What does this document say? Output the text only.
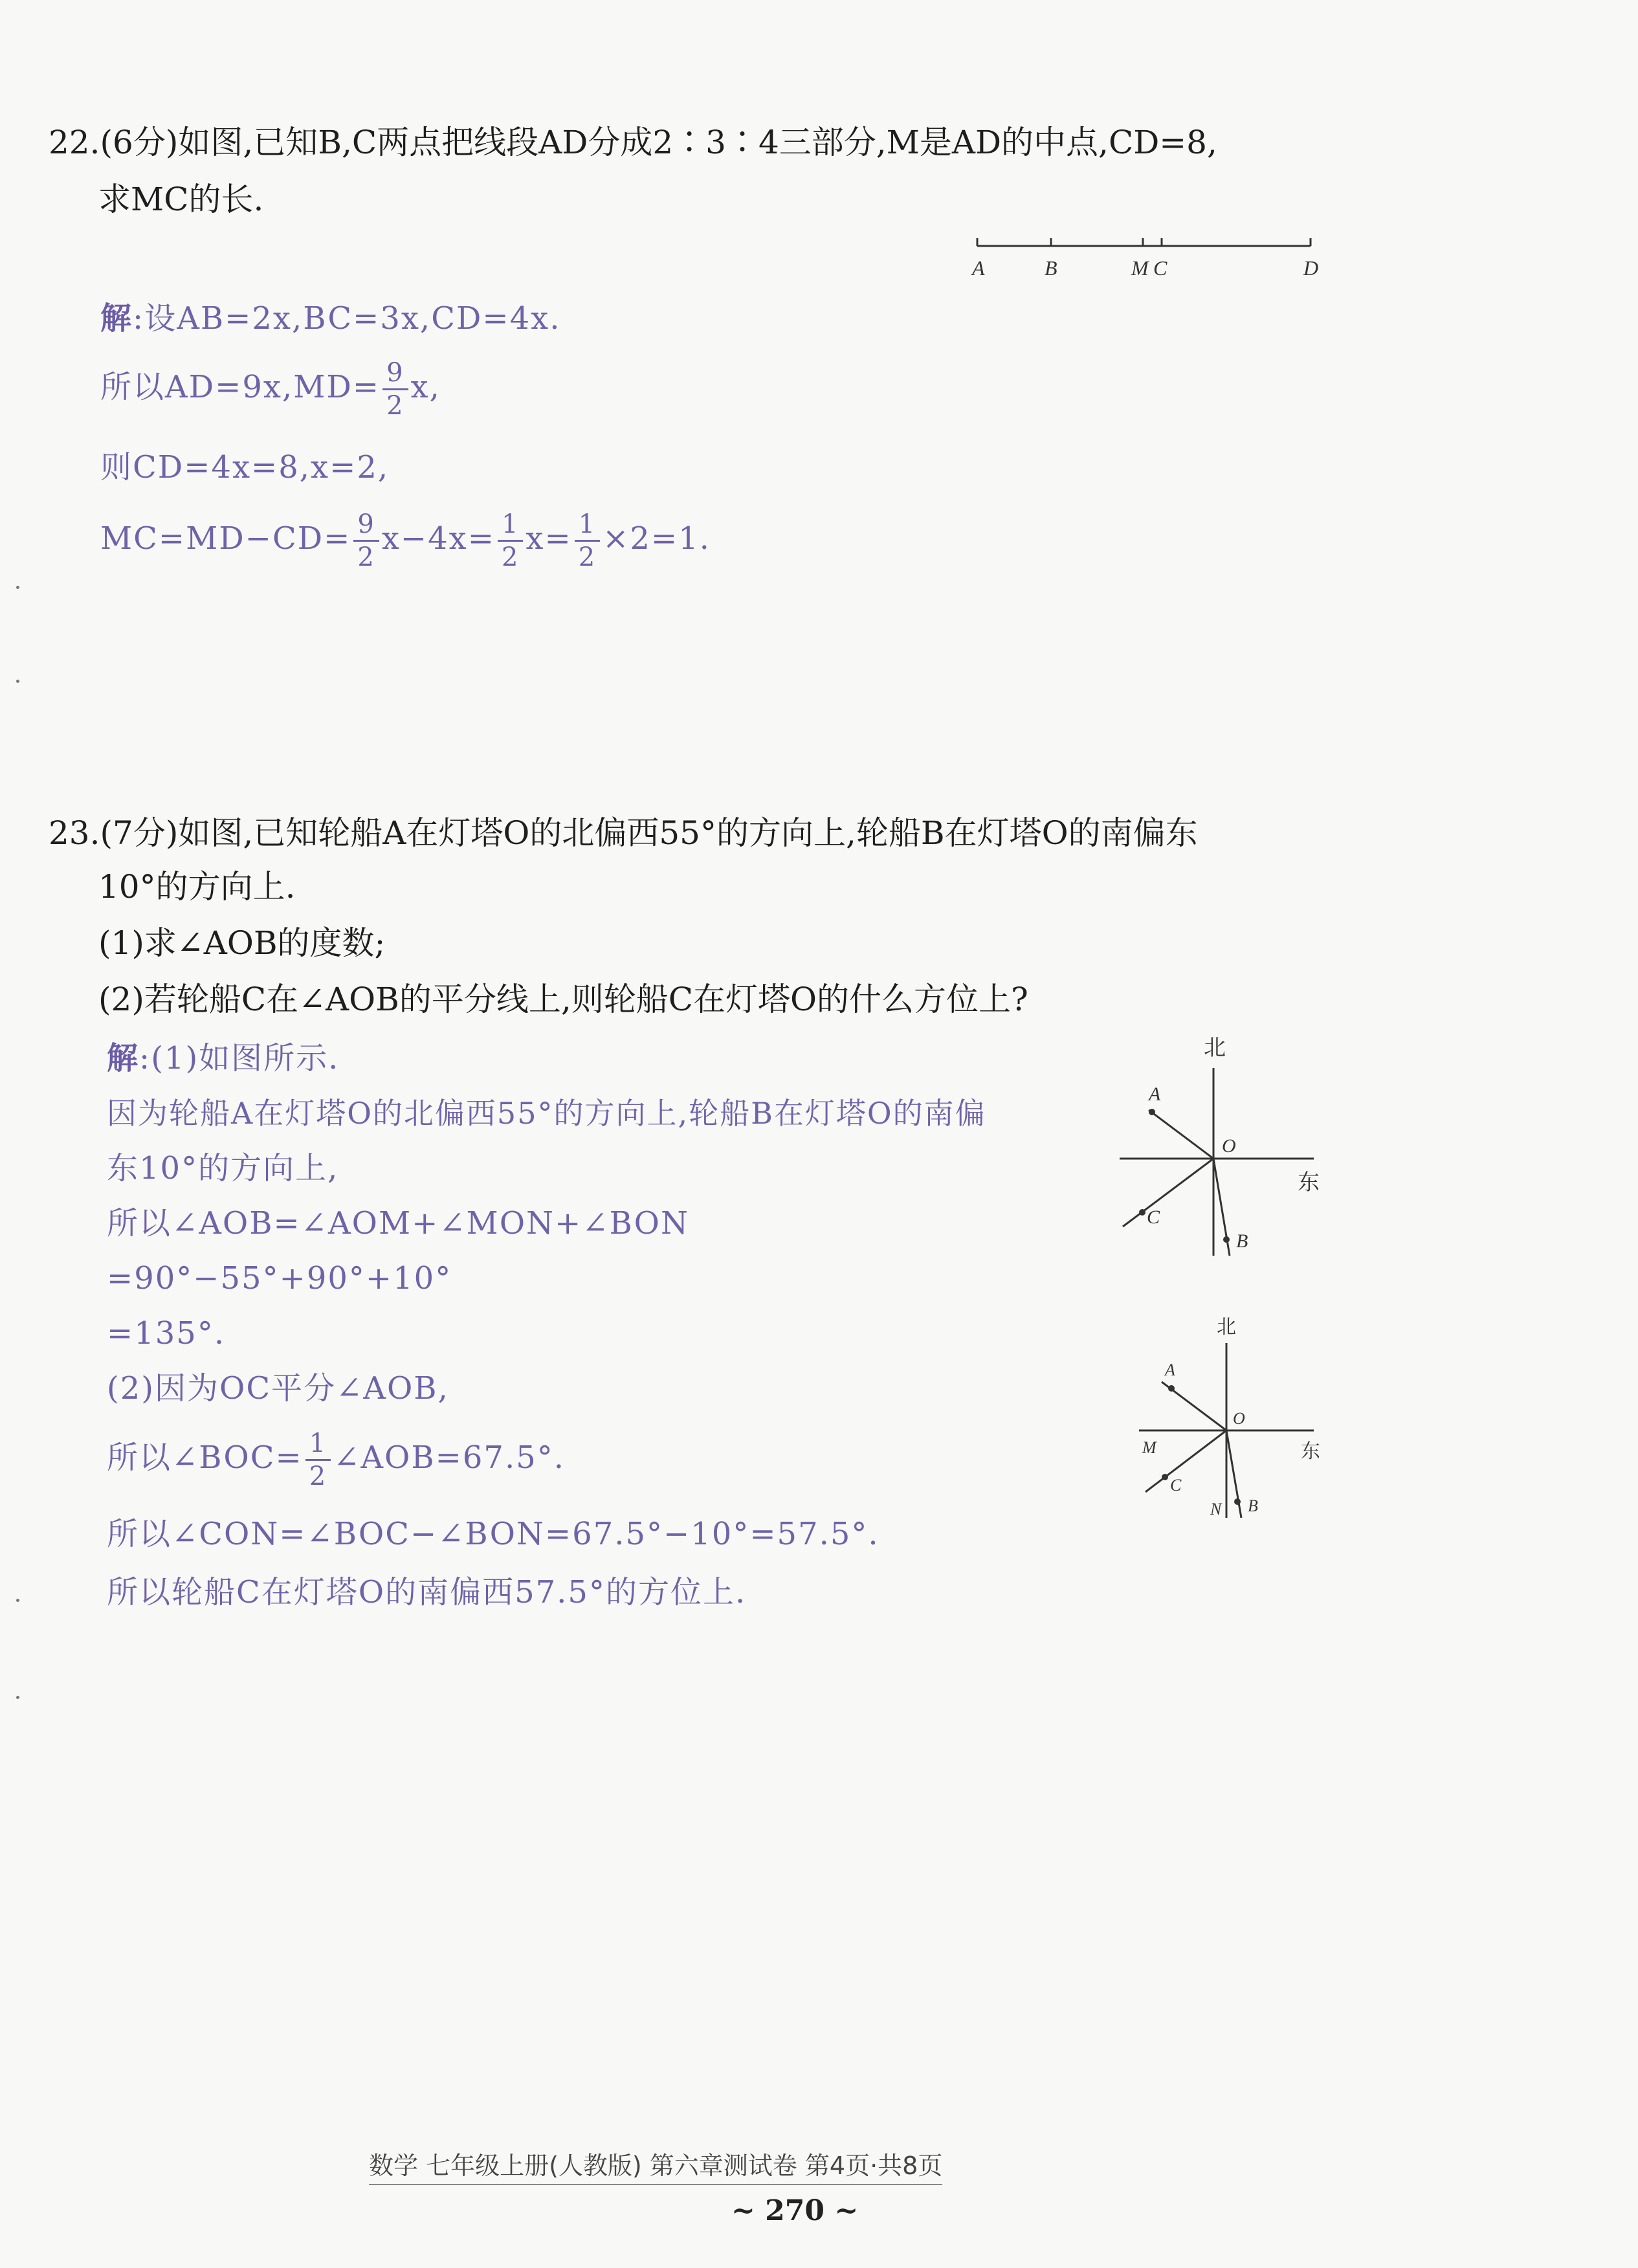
22.(6分)如图,已知B,C两点把线段AD分成2∶3∶4三部分,M是AD的中点,CD=8,
求MC的长.
A	B	M C	D
解:设AB=2x,BC=3x,CD=4x.
所以$AD=9x,MD= \frac{9}{2} x$,
则CD=4x=8,x=2,
$MC=MD-CD= \frac{9}{2} x-4x= \frac{1}{2} x= \frac{1}{2} \times 2=1$.
23.(7分)如图,已知轮船A在灯塔O的北偏西55°的方向上,轮船B在灯塔O的南偏东
10°的方向上.
(1)求∠AOB的度数;
(2)若轮船C在∠AOB的平分线上,则轮船C在灯塔O的什么方位上?
解:(1)如图所示.
因为轮船A在灯塔O的北偏西55°的方向上,轮船B在灯塔O的南偏
东10°的方向上,
所以∠AOB=∠AOM+∠MON+∠BON
=90°−55°+90°+10°
=135°.
(2)因为OC平分∠AOB,
所以∠BOC= $\frac{1}{2}$ ∠AOB=67.5°.
所以∠CON=∠BOC−∠BON=67.5°−10°=57.5°.
所以轮船C在灯塔O的南偏西57.5°的方位上.
北
东
A
O
C
B
北
东
A
O
M
C
N B
数学 七年级上册(人教版) 第六章测试卷 第4页·共8页
~ 270 ~
